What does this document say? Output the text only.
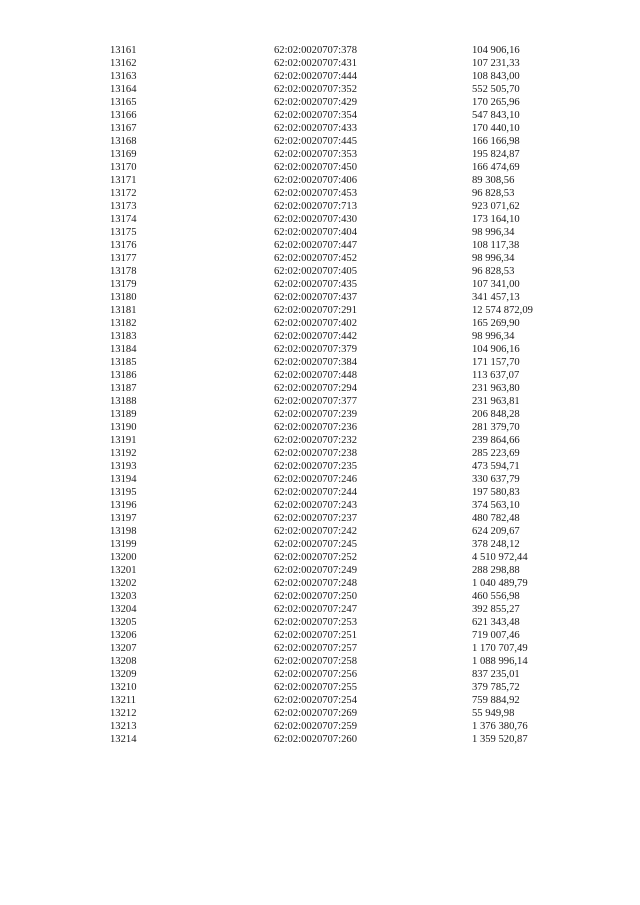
13161	62:02:0020707:378	104 906,16
13162	62:02:0020707:431	107 231,33
13163	62:02:0020707:444	108 843,00
13164	62:02:0020707:352	552 505,70
13165	62:02:0020707:429	170 265,96
13166	62:02:0020707:354	547 843,10
13167	62:02:0020707:433	170 440,10
13168	62:02:0020707:445	166 166,98
13169	62:02:0020707:353	195 824,87
13170	62:02:0020707:450	166 474,69
13171	62:02:0020707:406	89 308,56
13172	62:02:0020707:453	96 828,53
13173	62:02:0020707:713	923 071,62
13174	62:02:0020707:430	173 164,10
13175	62:02:0020707:404	98 996,34
13176	62:02:0020707:447	108 117,38
13177	62:02:0020707:452	98 996,34
13178	62:02:0020707:405	96 828,53
13179	62:02:0020707:435	107 341,00
13180	62:02:0020707:437	341 457,13
13181	62:02:0020707:291	12 574 872,09
13182	62:02:0020707:402	165 269,90
13183	62:02:0020707:442	98 996,34
13184	62:02:0020707:379	104 906,16
13185	62:02:0020707:384	171 157,70
13186	62:02:0020707:448	113 637,07
13187	62:02:0020707:294	231 963,80
13188	62:02:0020707:377	231 963,81
13189	62:02:0020707:239	206 848,28
13190	62:02:0020707:236	281 379,70
13191	62:02:0020707:232	239 864,66
13192	62:02:0020707:238	285 223,69
13193	62:02:0020707:235	473 594,71
13194	62:02:0020707:246	330 637,79
13195	62:02:0020707:244	197 580,83
13196	62:02:0020707:243	374 563,10
13197	62:02:0020707:237	480 782,48
13198	62:02:0020707:242	624 209,67
13199	62:02:0020707:245	378 248,12
13200	62:02:0020707:252	4 510 972,44
13201	62:02:0020707:249	288 298,88
13202	62:02:0020707:248	1 040 489,79
13203	62:02:0020707:250	460 556,98
13204	62:02:0020707:247	392 855,27
13205	62:02:0020707:253	621 343,48
13206	62:02:0020707:251	719 007,46
13207	62:02:0020707:257	1 170 707,49
13208	62:02:0020707:258	1 088 996,14
13209	62:02:0020707:256	837 235,01
13210	62:02:0020707:255	379 785,72
13211	62:02:0020707:254	759 884,92
13212	62:02:0020707:269	55 949,98
13213	62:02:0020707:259	1 376 380,76
13214	62:02:0020707:260	1 359 520,87
